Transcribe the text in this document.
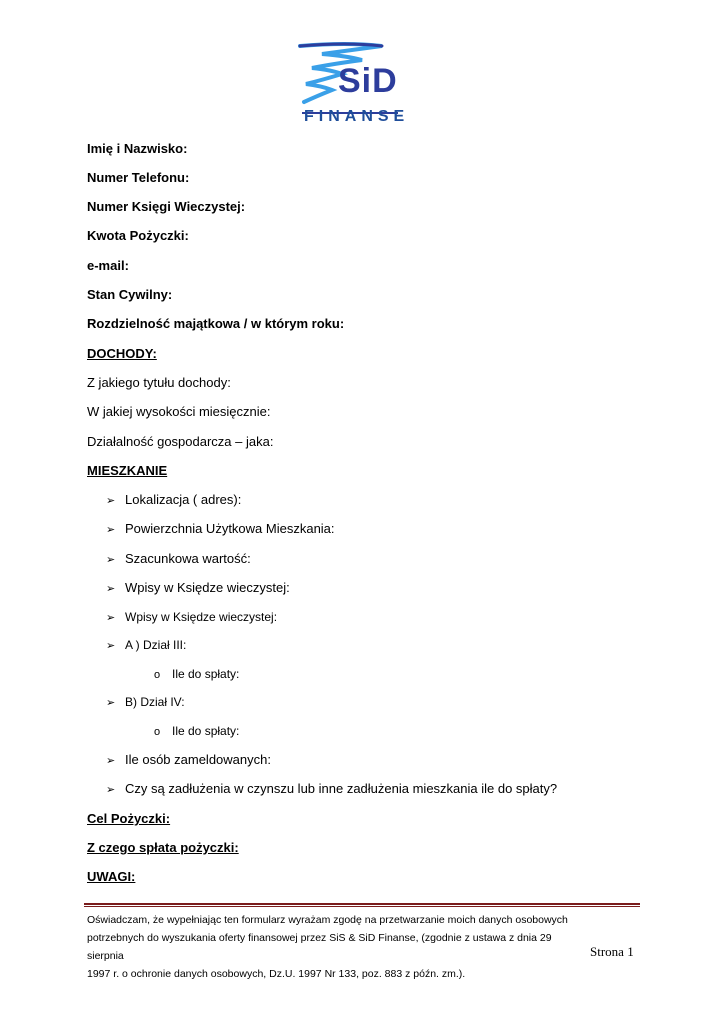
SiD
FINANSE
Imię i Nazwisko:
Numer Telefonu:
Numer Księgi Wieczystej:
Kwota Pożyczki:
e-mail:
Stan Cywilny:
Rozdzielność majątkowa / w którym roku:
DOCHODY:
Z jakiego tytułu dochody:
W jakiej wysokości miesięcznie:
Działalność gospodarcza – jaka:
MIESZKANIE
➢ Lokalizacja ( adres):
➢ Powierzchnia Użytkowa Mieszkania:
➢ Szacunkowa wartość:
➢ Wpisy w Księdze wieczystej:
➢ Wpisy w Księdze wieczystej:
➢ A ) Dział III:
o Ile do spłaty:
➢ B) Dział IV:
o Ile do spłaty:
➢ Ile osób zameldowanych:
➢ Czy są zadłużenia w czynszu lub inne zadłużenia mieszkania ile do spłaty?
Cel Pożyczki:
Z czego spłata pożyczki:
UWAGI:
Oświadczam, że wypełniając ten formularz wyrażam zgodę na przetwarzanie moich danych osobowych
potrzebnych do wyszukania oferty finansowej przez SiS & SiD Finanse, (zgodnie z ustawa z dnia 29 sierpnia
1997 r. o ochronie danych osobowych, Dz.U. 1997 Nr 133, poz. 883 z późn. zm.).
Strona 1
